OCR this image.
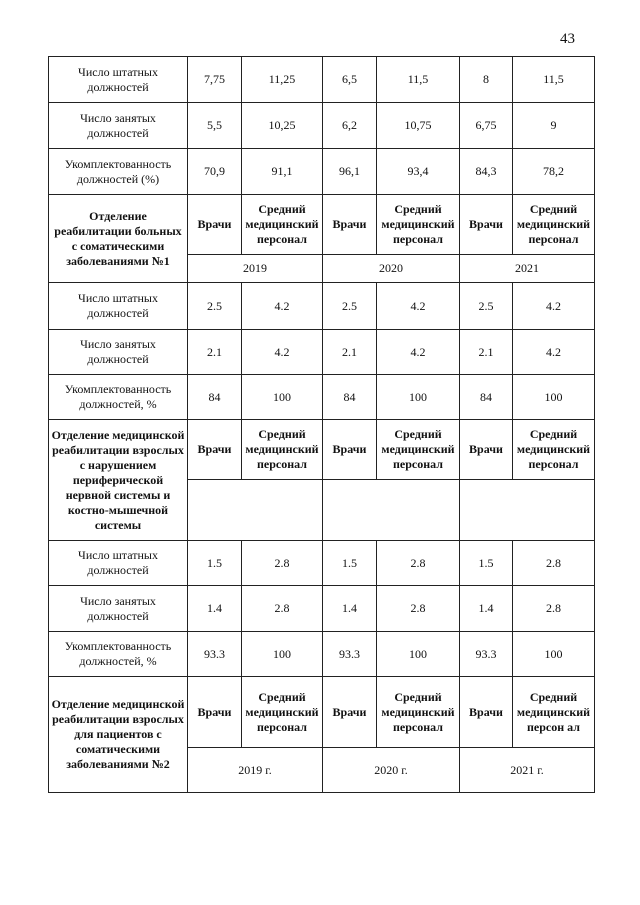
43
Число штатных должностей	7,75	11,25	6,5	11,5	8	11,5
Число занятых должностей	5,5	10,25	6,2	10,75	6,75	9
Укомплектованность должностей (%)	70,9	91,1	96,1	93,4	84,3	78,2
Отделение реабилитации больных с соматическими заболеваниями №1	Врачи	Средний медицинский персонал	Врачи	Средний медицинский персонал	Врачи	Средний медицинский персонал
	2019		2020		2021	
Число штатных должностей	2.5	4.2	2.5	4.2	2.5	4.2
Число занятых должностей	2.1	4.2	2.1	4.2	2.1	4.2
Укомплектованность должностей, %	84	100	84	100	84	100
Отделение медицинской реабилитации взрослых с нарушением периферической нервной системы и костно-мышечной системы	Врачи	Средний медицинский персонал	Врачи	Средний медицинский персонал	Врачи	Средний медицинский персонал

Число штатных должностей	1.5	2.8	1.5	2.8	1.5	2.8
Число занятых должностей	1.4	2.8	1.4	2.8	1.4	2.8
Укомплектованность должностей, %	93.3	100	93.3	100	93.3	100
Отделение медицинской реабилитации взрослых для пациентов с соматическими заболеваниями №2	Врачи	Средний медицинский персонал	Врачи	Средний медицинский персонал	Врачи	Средний медицинский персон ал
	2019 г.		2020 г.		2021 г.	
